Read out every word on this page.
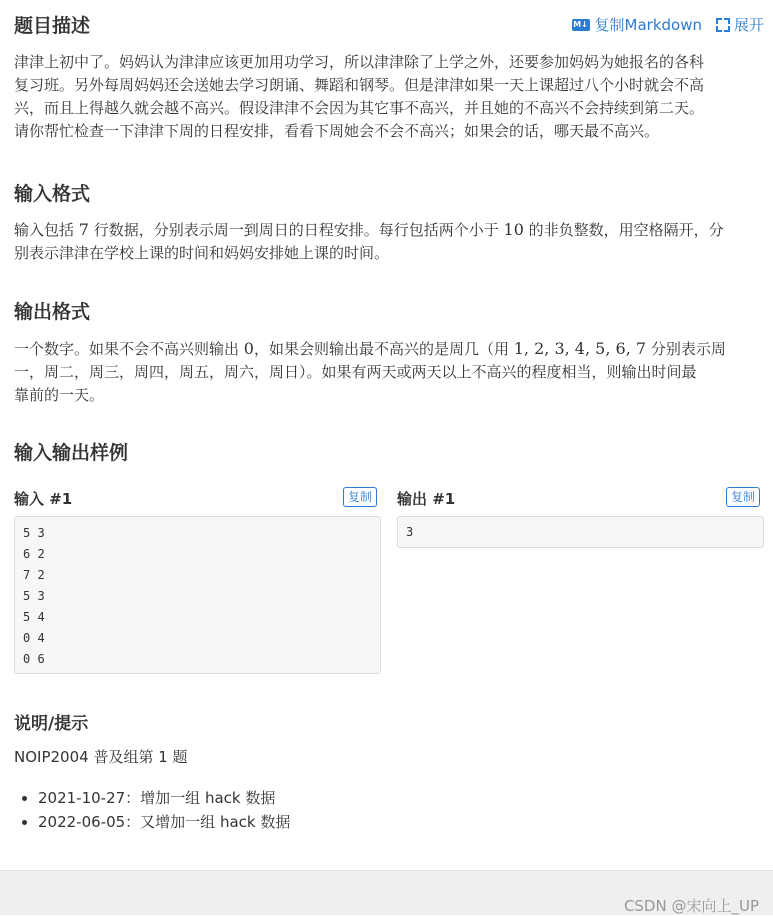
题目描述

津津上初中了。妈妈认为津津应该更加用功学习，所以津津除了上学之外，还要参加妈妈为她报名的各科
复习班。另外每周妈妈还会送她去学习朗诵、舞蹈和钢琴。但是津津如果一天上课超过八个小时就会不高
兴，而且上得越久就会越不高兴。假设津津不会因为其它事不高兴，并且她的不高兴不会持续到第二天。
请你帮忙检查一下津津下周的日程安排，看看下周她会不会不高兴；如果会的话，哪天最不高兴。

输入格式

输入包括 7 行数据，分别表示周一到周日的日程安排。每行包括两个小于 10 的非负整数，用空格隔开，分
别表示津津在学校上课的时间和妈妈安排她上课的时间。

输出格式

一个数字。如果不会不高兴则输出 0，如果会则输出最不高兴的是周几（用 1, 2, 3, 4, 5, 6, 7 分别表示周
一，周二，周三，周四，周五，周六，周日）。如果有两天或两天以上不高兴的程度相当，则输出时间最
靠前的一天。

输入输出样例
输入 #1	复制
5 3
6 2
7 2
5 3
5 4
0 4
0 6
输出 #1	复制
3
说明/提示

NOIP2004 普及组第 1 题

• 2021-10-27：增加一组 hack 数据
• 2022-06-05：又增加一组 hack 数据
M↓ 复制Markdown 展开
CSDN @宋向上_UP
